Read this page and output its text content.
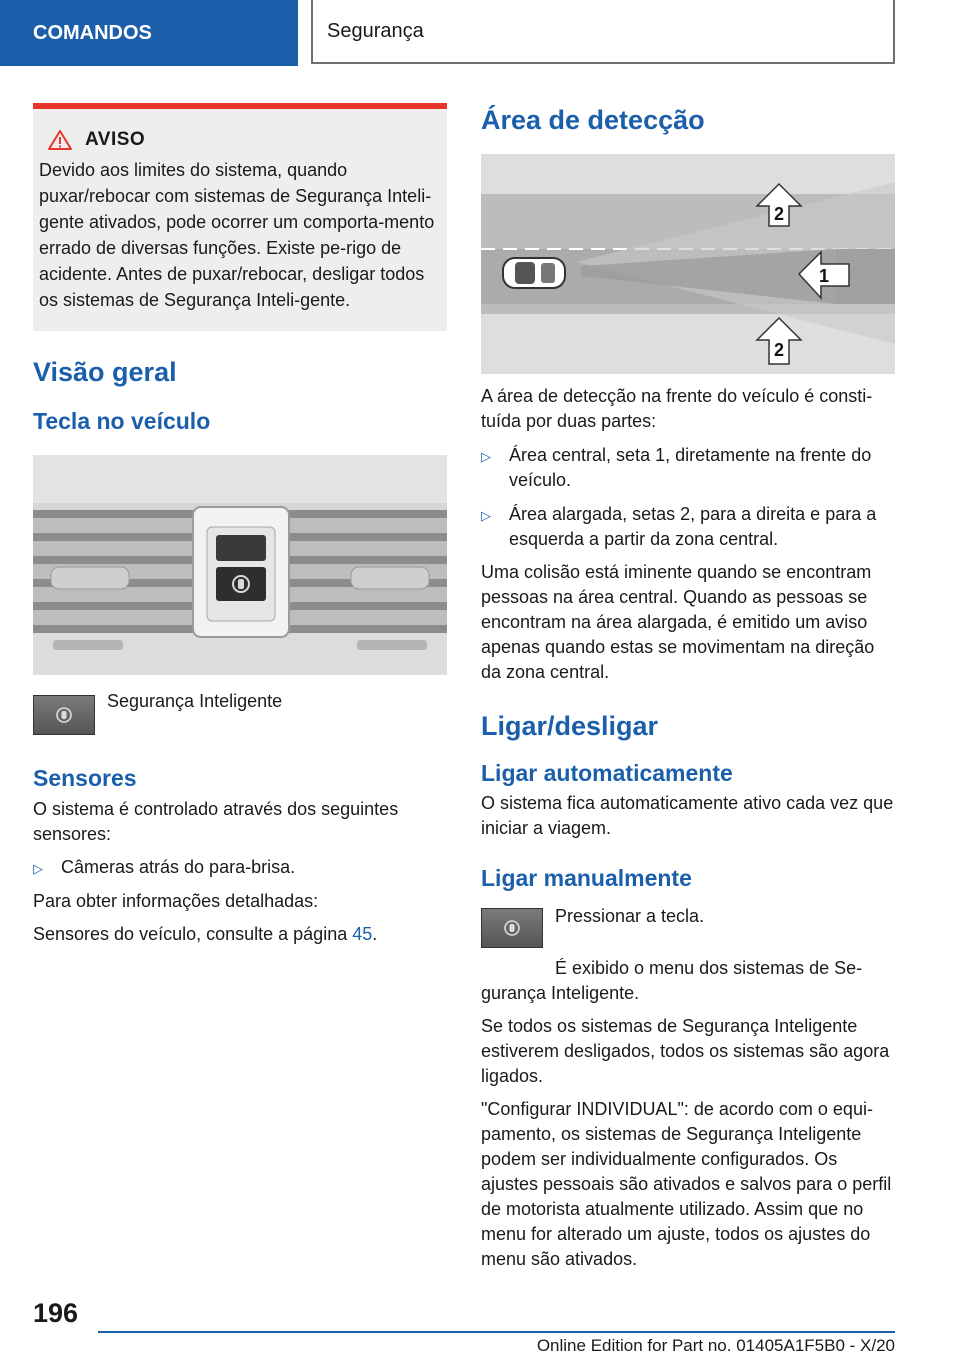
COMANDOS	Segurança
AVISO
Devido aos limites do sistema, quando puxar/rebocar com sistemas de Segurança Inteli-gente ativados, pode ocorrer um comporta-mento errado de diversas funções. Existe pe-rigo de acidente. Antes de puxar/rebocar, desligar todos os sistemas de Segurança Inteli-gente.
Visão geral
Tecla no veículo
Segurança Inteligente
Sensores

O sistema é controlado através dos seguintes sensores:

▷	Câmeras atrás do para-brisa.

Para obter informações detalhadas:

Sensores do veículo, consulte a página 45.

Área de detecção
2
1
2

A área de detecção na frente do veículo é consti-tuída por duas partes:

▷	Área central, seta 1, diretamente na frente do veículo.
▷	Área alargada, setas 2, para a direita e para a esquerda a partir da zona central.

Uma colisão está iminente quando se encontram pessoas na área central. Quando as pessoas se encontram na área alargada, é emitido um aviso apenas quando estas se movimentam na direção da zona central.

Ligar/desligar
Ligar automaticamente

O sistema fica automaticamente ativo cada vez que iniciar a viagem.

Ligar manualmente

Pressionar a tecla.

É exibido o menu dos sistemas de Se-gurança Inteligente.

Se todos os sistemas de Segurança Inteligente estiverem desligados, todos os sistemas são agora ligados.

"Configurar INDIVIDUAL": de acordo com o equi-pamento, os sistemas de Segurança Inteligente podem ser individualmente configurados. Os ajustes pessoais são ativados e salvos para o perfil de motorista atualmente utilizado. Assim que no menu for alterado um ajuste, todos os ajustes do menu são ativados.

196
Online Edition for Part no. 01405A1F5B0 - X/20
